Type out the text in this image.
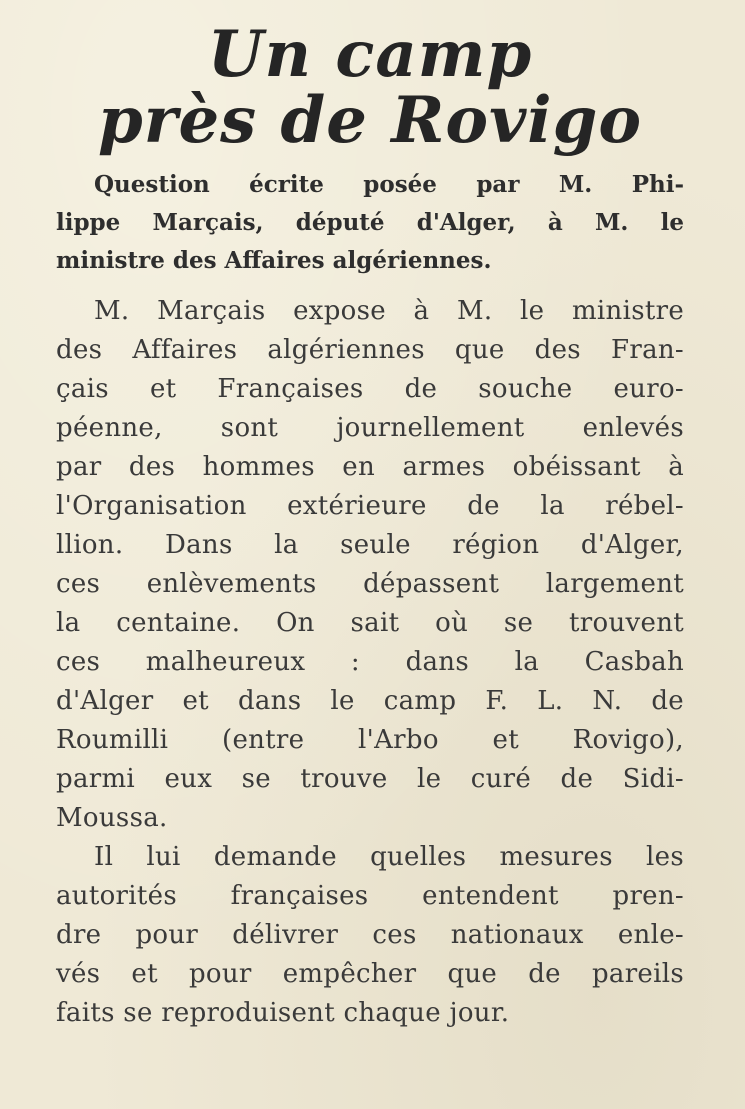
Un camp
près de Rovigo

Question écrite posée par M. Phi-
lippe Marçais, député d'Alger, à M. le
ministre des Affaires algériennes.

M. Marçais expose à M. le ministre
des Affaires algériennes que des Fran-
çais et Françaises de souche euro-
péenne, sont journellement enlevés
par des hommes en armes obéissant à
l'Organisation extérieure de la rébel-
llion. Dans la seule région d'Alger,
ces enlèvements dépassent largement
la centaine. On sait où se trouvent
ces malheureux : dans la Casbah
d'Alger et dans le camp F. L. N. de
Roumilli (entre l'Arbo et Rovigo),
parmi eux se trouve le curé de Sidi-
Moussa.

Il lui demande quelles mesures les
autorités françaises entendent pren-
dre pour délivrer ces nationaux enle-
vés et pour empêcher que de pareils
faits se reproduisent chaque jour.
